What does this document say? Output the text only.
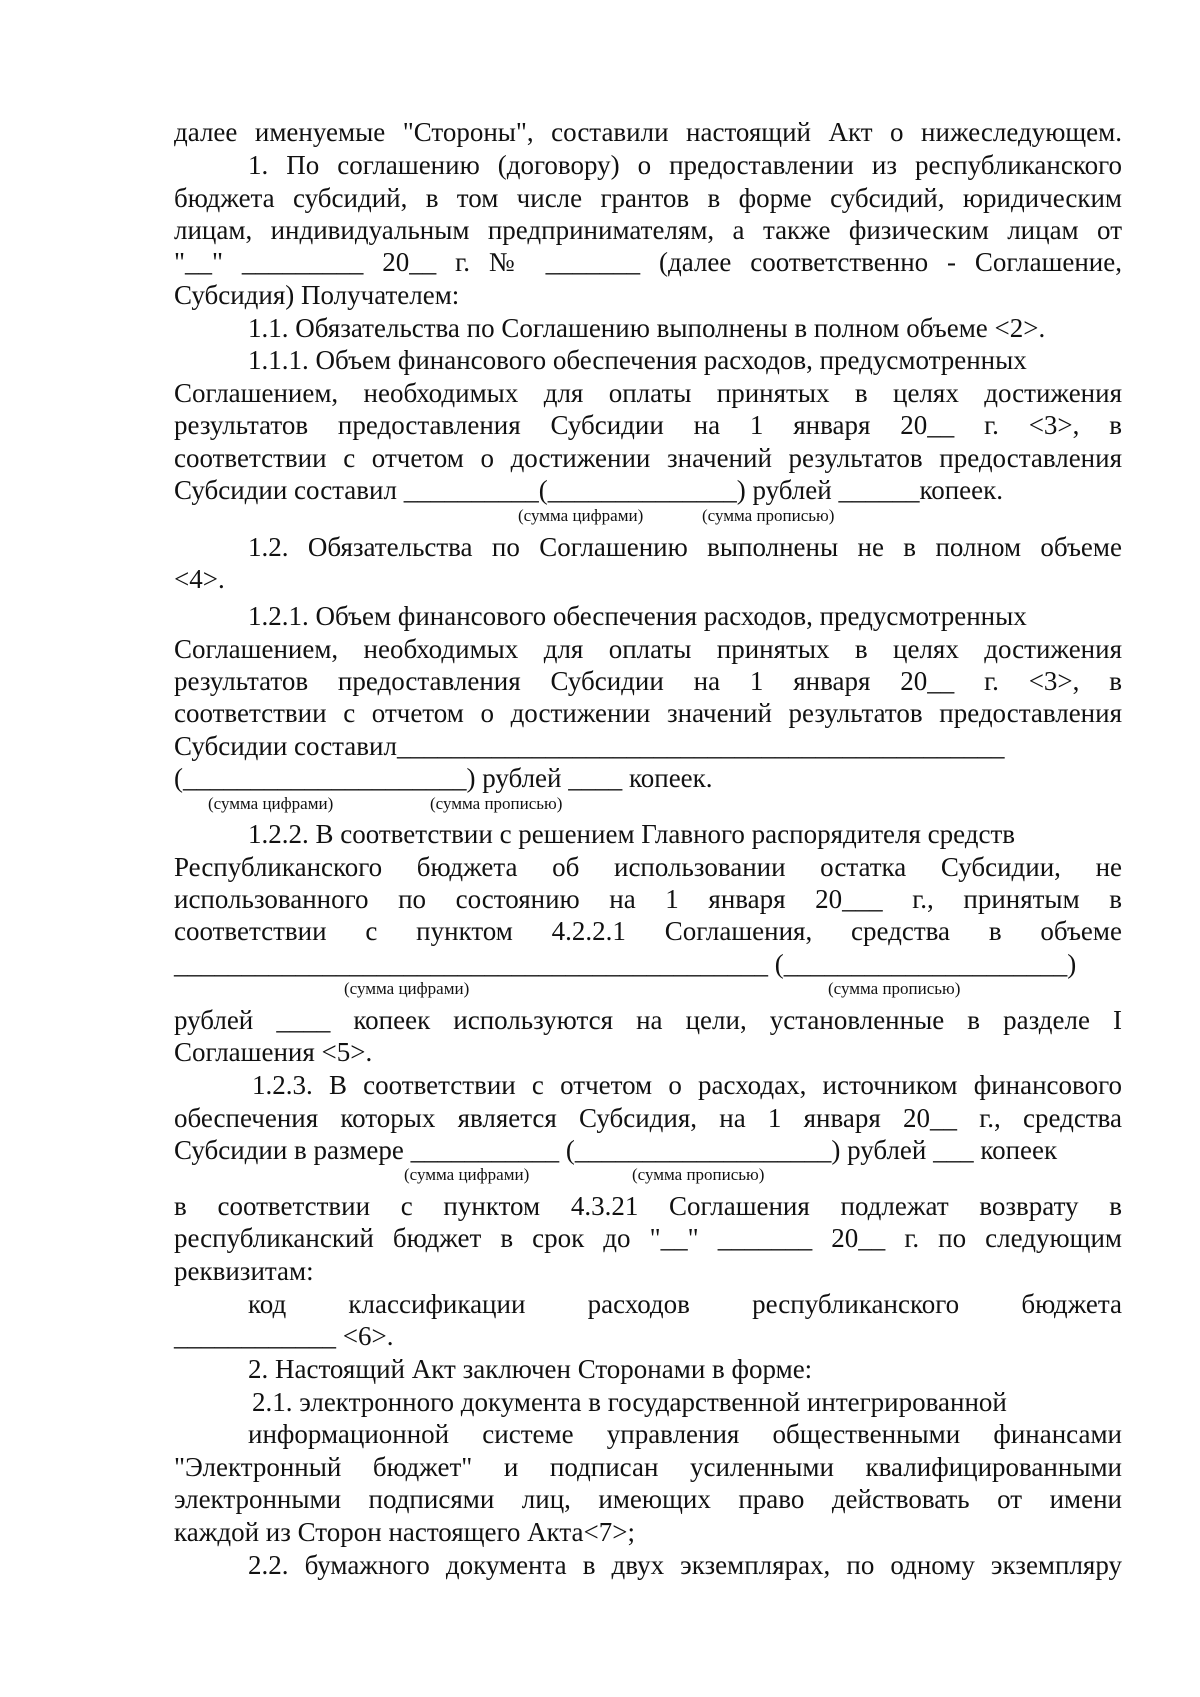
далее именуемые "Стороны", составили настоящий Акт о нижеследующем.
1. По соглашению (договору) о предоставлении из республиканского
бюджета субсидий, в том числе грантов в форме субсидий, юридическим
лицам, индивидуальным предпринимателям, а также физическим лицам от
"__" _________ 20__ г. № _______ (далее соответственно - Соглашение,
Субсидия) Получателем:
1.1. Обязательства по Соглашению выполнены в полном объеме <2>.
1.1.1. Объем финансового обеспечения расходов, предусмотренных
Соглашением, необходимых для оплаты принятых в целях достижения
результатов предоставления Субсидии на 1 января 20__ г. <3>, в
соответствии с отчетом о достижении значений результатов предоставления
Субсидии составил __________(______________) рублей ______копеек.
(сумма цифрами)	(сумма прописью)
1.2. Обязательства по Соглашению выполнены не в полном объеме
<4>.
1.2.1. Объем финансового обеспечения расходов, предусмотренных
Соглашением, необходимых для оплаты принятых в целях достижения
результатов предоставления Субсидии на 1 января 20__ г. <3>, в
соответствии с отчетом о достижении значений результатов предоставления
Субсидии составил_____________________________________________
(_____________________) рублей ____ копеек.
(сумма цифрами)	(сумма прописью)
1.2.2. В соответствии с решением Главного распорядителя средств
Республиканского бюджета об использовании остатка Субсидии, не
использованного по состоянию на 1 января 20___ г., принятым в
соответствии с пунктом 4.2.2.1 Соглашения, средства в объеме
____________________________________________ (_____________________)
(сумма цифрами)	(сумма прописью)
рублей ____ копеек используются на цели, установленные в разделе I
Соглашения <5>.
1.2.3. В соответствии с отчетом о расходах, источником финансового
обеспечения которых является Субсидия, на 1 января 20__ г., средства
Субсидии в размере ___________ (___________________) рублей ___ копеек
(сумма цифрами)	(сумма прописью)
в соответствии с пунктом 4.3.21 Соглашения подлежат возврату в
республиканский бюджет в срок до "__" _______ 20__ г. по следующим
реквизитам:
код классификации расходов республиканского бюджета
____________ <6>.
2. Настоящий Акт заключен Сторонами в форме:
2.1. электронного документа в государственной интегрированной
информационной системе управления общественными финансами
"Электронный бюджет" и подписан усиленными квалифицированными
электронными подписями лиц, имеющих право действовать от имени
каждой из Сторон настоящего Акта<7>;
2.2. бумажного документа в двух экземплярах, по одному экземпляру
